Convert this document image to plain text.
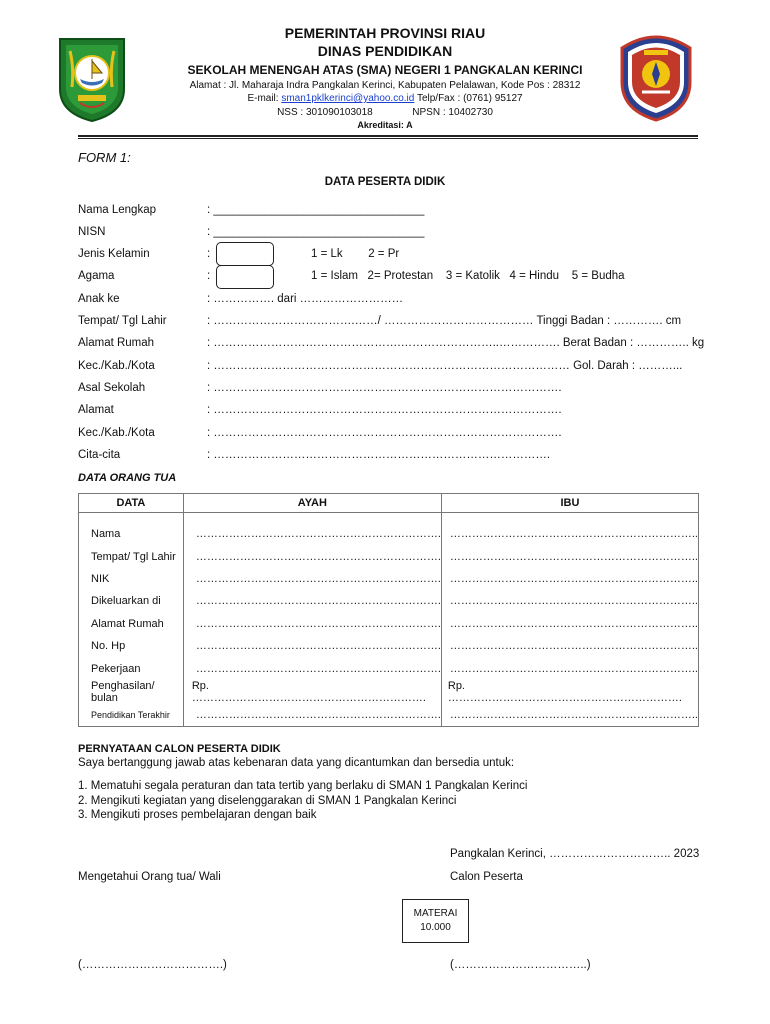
PEMERINTAH PROVINSI RIAU
DINAS PENDIDIKAN
SEKOLAH MENENGAH ATAS (SMA) NEGERI 1 PANGKALAN KERINCI
Alamat : Jl. Maharaja Indra Pangkalan Kerinci, Kabupaten Pelalawan, Kode Pos : 28312
E-mail: sman1pklkerinci@yahoo.co.id Telp/Fax : (0761) 95127
NSS : 301090103018	NPSN : 10402730
Akreditasi: A
FORM 1:
DATA PESERTA DIDIK
Nama Lengkap	: _________________________________
NISN	: _________________________________
Jenis Kelamin	:	1 = Lk        2 = Pr
Agama	:	1 = Islam   2= Protestan    3 = Katolik   4 = Hindu    5 = Budha
Anak ke	: ……………. dari ………………………
Tempat/ Tgl Lahir	: ……………………………….……/ ………………………………… Tinggi Badan : …………. cm
Alamat Rumah	: ………………………………………….……………………..……………. Berat Badan : ………….. kg
Kec./Kab./Kota	: ………………………………………………………………………………… Gol. Darah : ………...
Asal Sekolah	: ……………………………………………………………………………….
Alamat	: ……………………………………………………………………………….
Kec./Kab./Kota	: ……………………………………………………………………………….
Cita-cita	: …………………………………………………………………………….
DATA ORANG TUA
DATA	AYAH	IBU

Nama	………………………………………………………….	…………………………………………………………..
Tempat/ Tgl Lahir	………………………………………………………….	…………………………………………………………..
NIK	………………………………………………………….	…………………………………………………………..
Dikeluarkan di	………………………………………………………….	…………………………………………………………..
Alamat Rumah	………………………………………………………….	…………………………………………………………..
No. Hp	………………………………………………………….	…………………………………………………………..
Pekerjaan	………………………………………………………….	…………………………………………………………..
Penghasilan/ bulan	Rp. ……………………………………………………….	Rp. ……………………………………………………….
Pendidikan Terakhir	………………………………………………………….	…………………………………………………………..
PERNYATAAN CALON PESERTA DIDIK
Saya bertanggung jawab atas kebenaran data yang dicantumkan dan bersedia untuk:
1. Mematuhi segala peraturan dan tata tertib yang berlaku di SMAN 1 Pangkalan Kerinci
2. Mengikuti kegiatan yang diselenggarakan di SMAN 1 Pangkalan Kerinci
3. Mengikuti proses pembelajaran dengan baik
Pangkalan Kerinci, ………………………….. 2023
Mengetahui Orang tua/ Wali	Calon Peserta
MATERAI
10.000
(……………………………….)	(……………………………..)
